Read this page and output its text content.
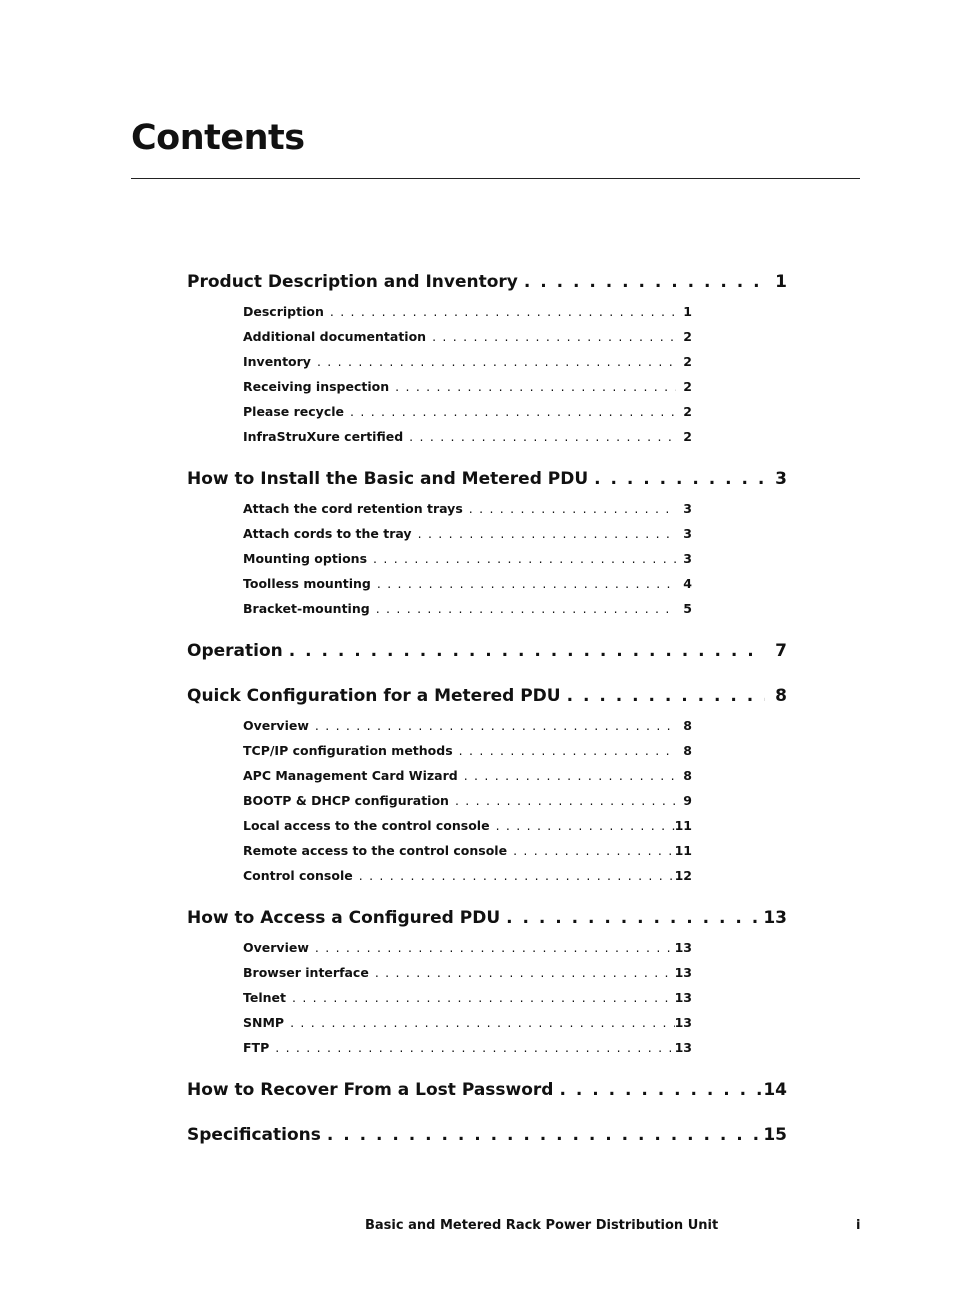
Contents
Product Description and Inventory . . .	1
Description . . .	1
Additional documentation . . .	2
Inventory . . .	2
Receiving inspection . . .	2
Please recycle . . .	2
InfraStruXure certified . . .	2
How to Install the Basic and Metered PDU . . .	3
Attach the cord retention trays . . .	3
Attach cords to the tray . . .	3
Mounting options . . .	3
Toolless mounting . . .	4
Bracket-mounting . . .	5
Operation . . .	7
Quick Configuration for a Metered PDU . . .	8
Overview . . .	8
TCP/IP configuration methods . . .	8
APC Management Card Wizard . . .	8
BOOTP & DHCP configuration . . .	9
Local access to the control console . . .	11
Remote access to the control console . . .	11
Control console . . .	12
How to Access a Configured PDU . . .	13
Overview . . .	13
Browser interface . . .	13
Telnet . . .	13
SNMP . . .	13
FTP . . .	13
How to Recover From a Lost Password . . .	14
Specifications . . .	15
Basic and Metered Rack Power Distribution Unit	i
